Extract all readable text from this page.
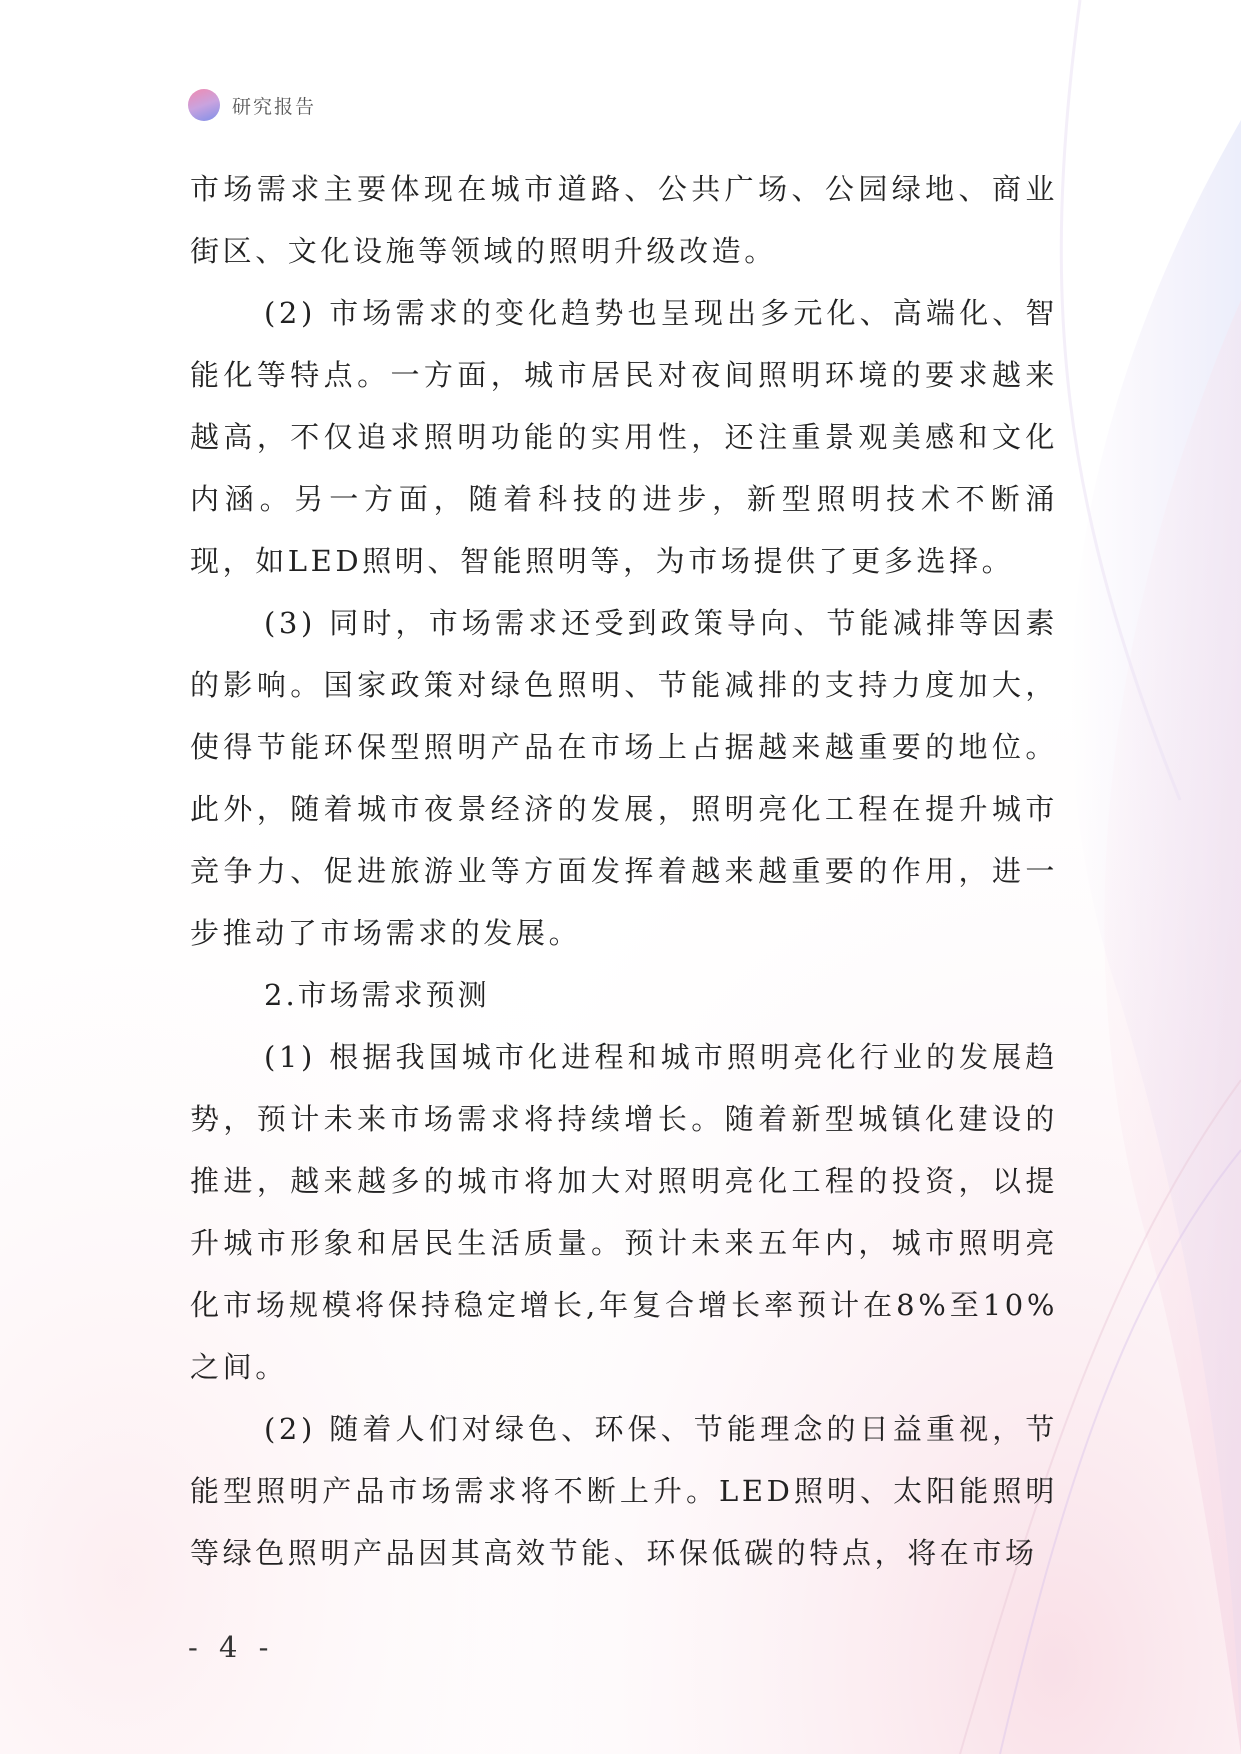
研究报告

市场需求主要体现在城市道路、公共广场、公园绿地、商业街区、文化设施等领域的照明升级改造。

(2) 市场需求的变化趋势也呈现出多元化、高端化、智能化等特点。一方面，城市居民对夜间照明环境的要求越来越高，不仅追求照明功能的实用性，还注重景观美感和文化内涵。另一方面，随着科技的进步，新型照明技术不断涌现，如LED照明、智能照明等，为市场提供了更多选择。

(3) 同时，市场需求还受到政策导向、节能减排等因素的影响。国家政策对绿色照明、节能减排的支持力度加大，使得节能环保型照明产品在市场上占据越来越重要的地位。此外，随着城市夜景经济的发展，照明亮化工程在提升城市竞争力、促进旅游业等方面发挥着越来越重要的作用，进一步推动了市场需求的发展。

2.市场需求预测

(1) 根据我国城市化进程和城市照明亮化行业的发展趋势，预计未来市场需求将持续增长。随着新型城镇化建设的推进，越来越多的城市将加大对照明亮化工程的投资，以提升城市形象和居民生活质量。预计未来五年内，城市照明亮化市场规模将保持稳定增长,年复合增长率预计在8%至10%之间。

(2) 随着人们对绿色、环保、节能理念的日益重视，节能型照明产品市场需求将不断上升。LED照明、太阳能照明等绿色照明产品因其高效节能、环保低碳的特点，将在市场

- 4 -
